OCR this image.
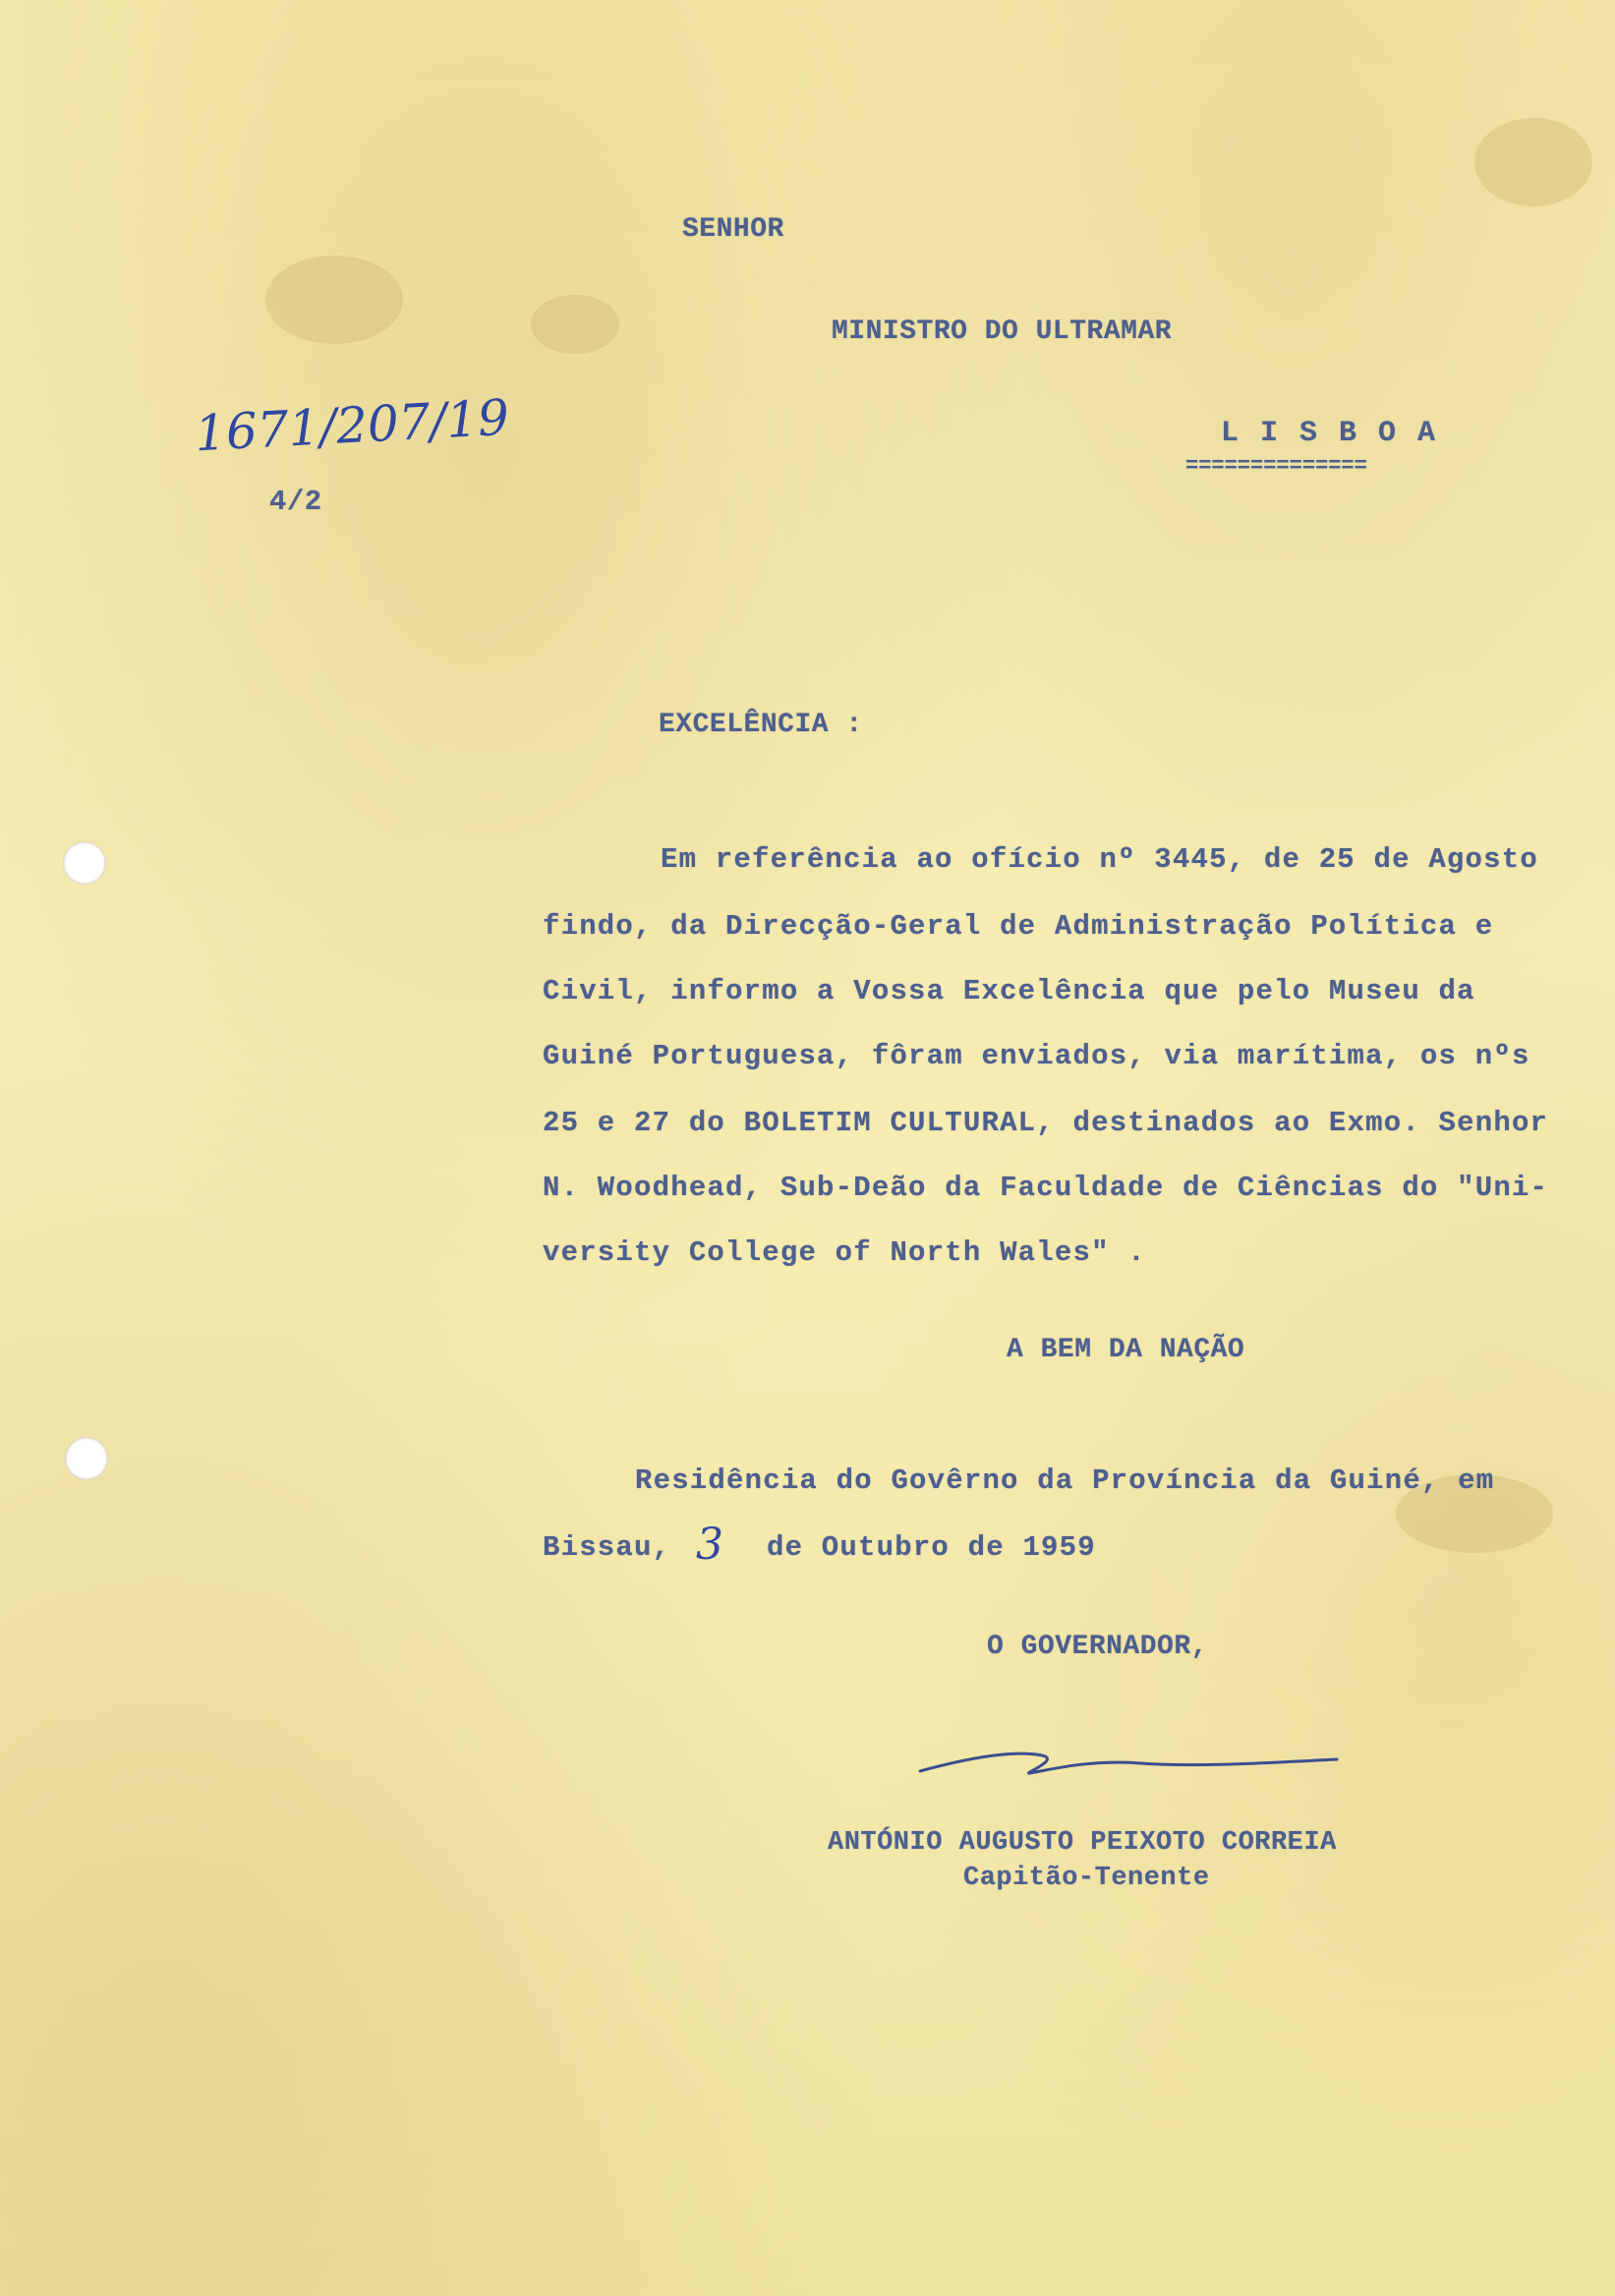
SENHOR
MINISTRO DO ULTRAMAR
L I S B O A
==============
1671/207/19
4/2
EXCELÊNCIA :
Em referência ao ofício nº 3445, de 25 de Agosto
findo, da Direcção-Geral de Administração Política e
Civil, informo a Vossa Excelência que pelo Museu da
Guiné Portuguesa, fôram enviados, via marítima, os nºs
25 e 27 do BOLETIM CULTURAL, destinados ao Exmo. Senhor
N. Woodhead, Sub-Deão da Faculdade de Ciências do "Uni-
versity College of North Wales" .
A BEM DA NAÇÃO
Residência do Govêrno da Província da Guiné, em
Bissau, 3 de Outubro de 1959
O GOVERNADOR,
ANTÓNIO AUGUSTO PEIXOTO CORREIA
Capitão-Tenente
